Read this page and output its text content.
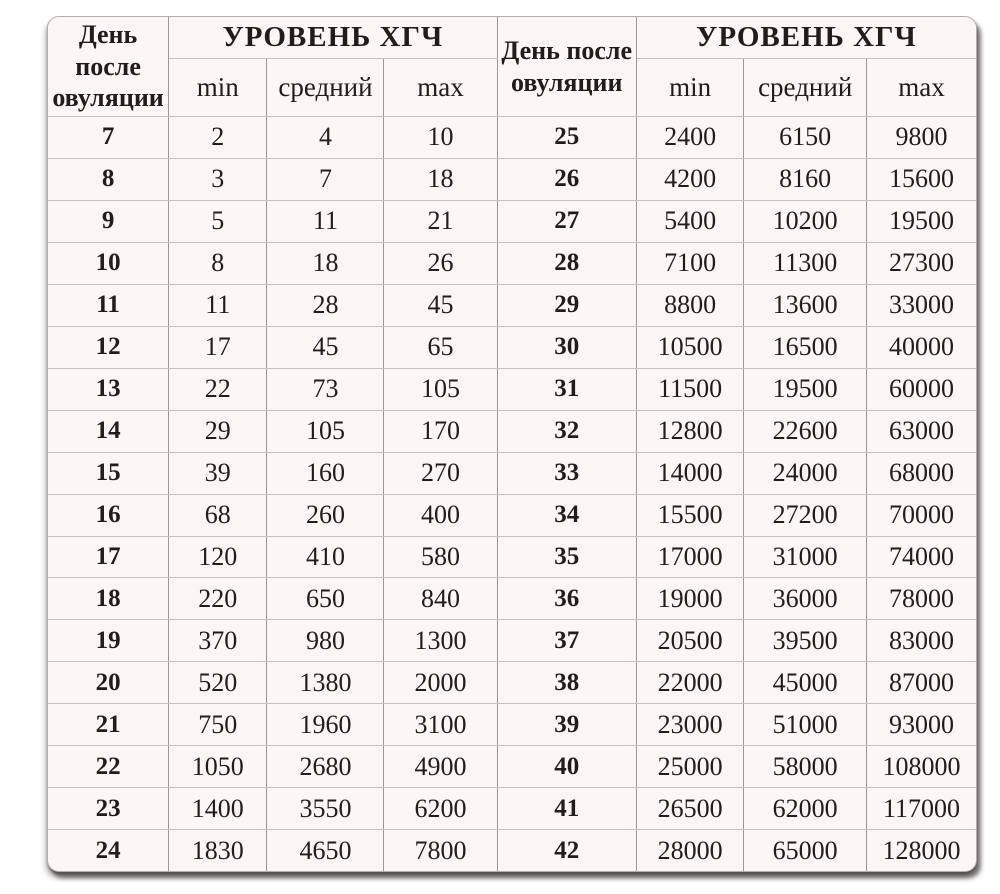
День после овуляции	УРОВЕНЬ ХГЧ			День после овуляции	УРОВЕНЬ ХГЧ		
	min	средний	max		min	средний	max
7	2	4	10	25	2400	6150	9800
8	3	7	18	26	4200	8160	15600
9	5	11	21	27	5400	10200	19500
10	8	18	26	28	7100	11300	27300
11	11	28	45	29	8800	13600	33000
12	17	45	65	30	10500	16500	40000
13	22	73	105	31	11500	19500	60000
14	29	105	170	32	12800	22600	63000
15	39	160	270	33	14000	24000	68000
16	68	260	400	34	15500	27200	70000
17	120	410	580	35	17000	31000	74000
18	220	650	840	36	19000	36000	78000
19	370	980	1300	37	20500	39500	83000
20	520	1380	2000	38	22000	45000	87000
21	750	1960	3100	39	23000	51000	93000
22	1050	2680	4900	40	25000	58000	108000
23	1400	3550	6200	41	26500	62000	117000
24	1830	4650	7800	42	28000	65000	128000
